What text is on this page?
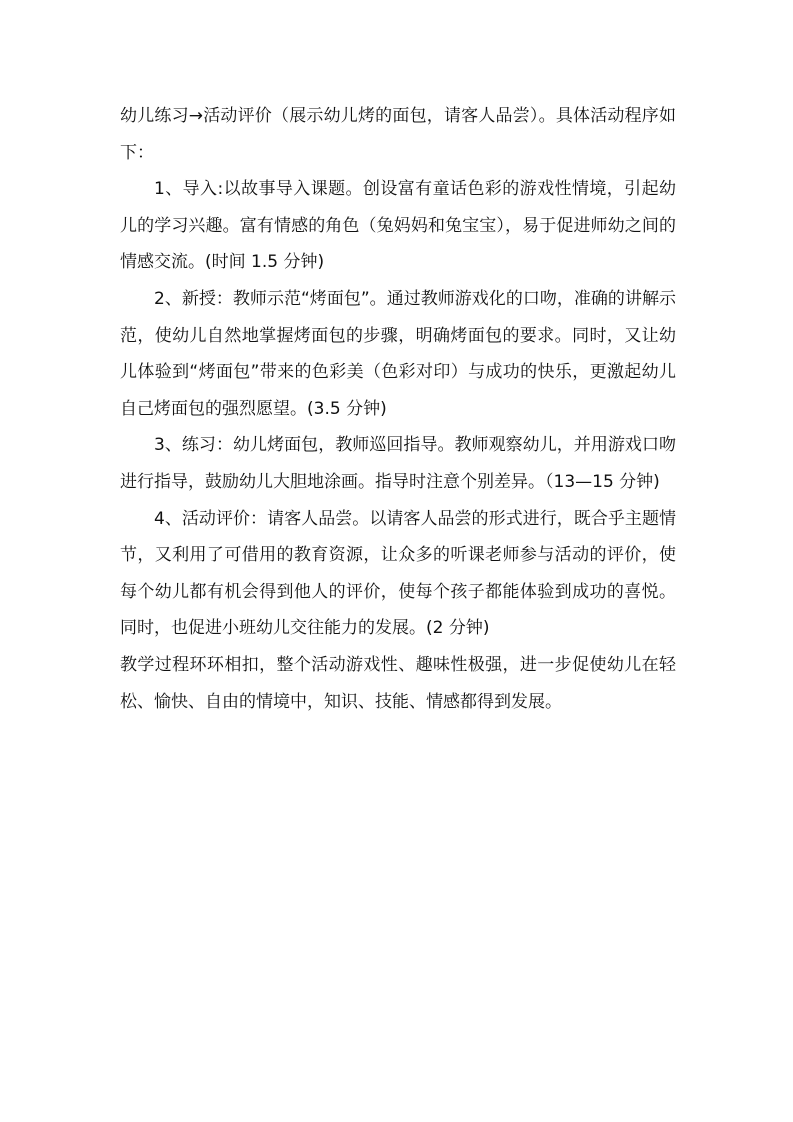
幼儿练习→活动评价（展示幼儿烤的面包，请客人品尝）。具体活动程序如下：

1、导入:以故事导入课题。创设富有童话色彩的游戏性情境，引起幼儿的学习兴趣。富有情感的角色（兔妈妈和兔宝宝），易于促进师幼之间的情感交流。(时间 1.5 分钟)

2、新授：教师示范“烤面包”。通过教师游戏化的口吻，准确的讲解示范，使幼儿自然地掌握烤面包的步骤，明确烤面包的要求。同时，又让幼儿体验到“烤面包”带来的色彩美（色彩对印）与成功的快乐，更激起幼儿自己烤面包的强烈愿望。(3.5 分钟)

3、练习：幼儿烤面包，教师巡回指导。教师观察幼儿，并用游戏口吻进行指导，鼓励幼儿大胆地涂画。指导时注意个别差异。（13—15 分钟)

4、活动评价：请客人品尝。以请客人品尝的形式进行，既合乎主题情节，又利用了可借用的教育资源，让众多的听课老师参与活动的评价，使每个幼儿都有机会得到他人的评价，使每个孩子都能体验到成功的喜悦。同时，也促进小班幼儿交往能力的发展。(2 分钟)

教学过程环环相扣，整个活动游戏性、趣味性极强，进一步促使幼儿在轻松、愉快、自由的情境中，知识、技能、情感都得到发展。
